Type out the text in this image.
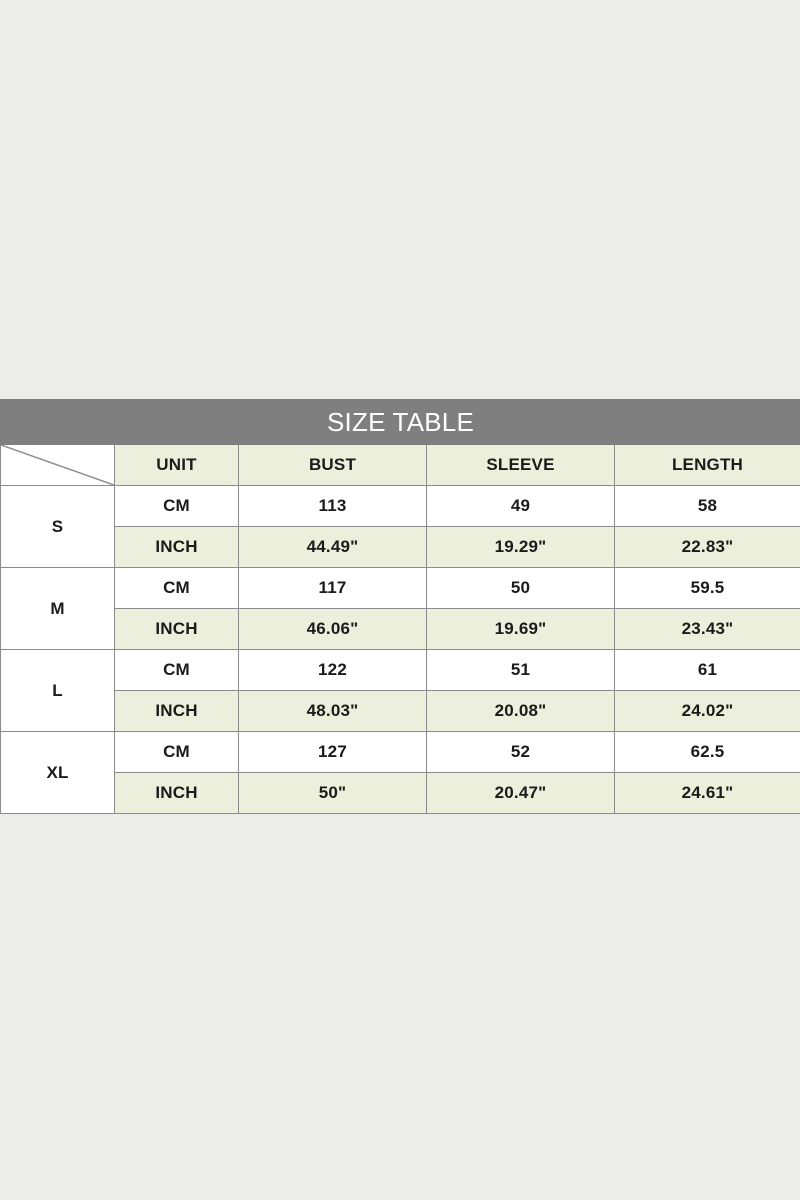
SIZE TABLE				

	UNIT	BUST	SLEEVE	LENGTH
S	CM	113	49	58
	INCH	44.49"	19.29"	22.83"
M	CM	117	50	59.5
	INCH	46.06"	19.69"	23.43"
L	CM	122	51	61
	INCH	48.03"	20.08"	24.02"
XL	CM	127	52	62.5
	INCH	50"	20.47"	24.61"
